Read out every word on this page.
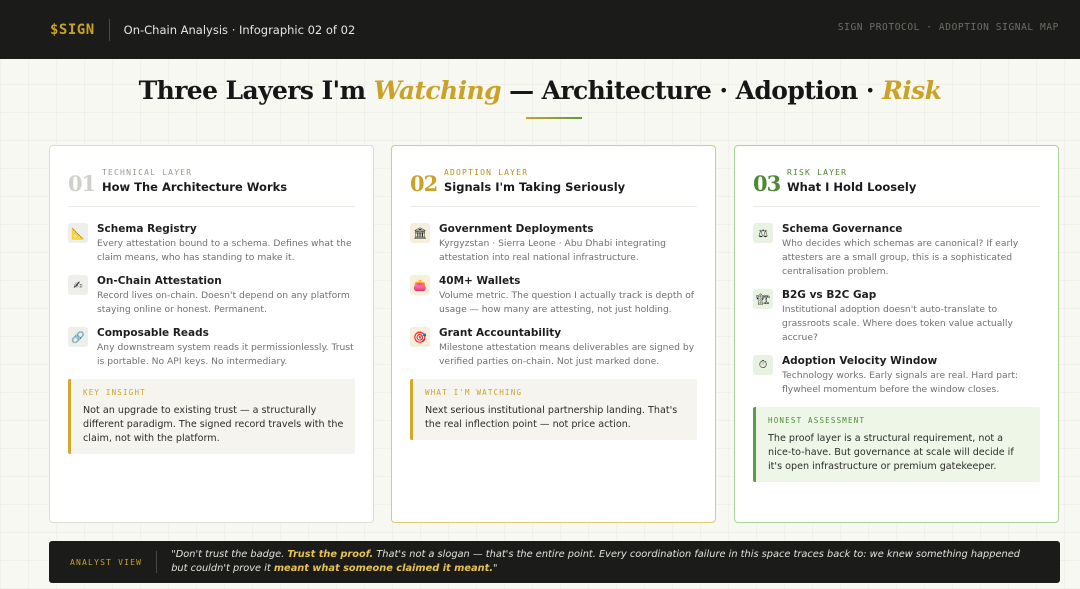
$SIGN	On-Chain Analysis · Infographic 02 of 02	SIGN PROTOCOL · ADOPTION SIGNAL MAP
Three Layers I'm Watching — Architecture · Adoption · Risk
01 TECHNICAL LAYER
How The Architecture Works
📐	Schema Registry
Every attestation bound to a schema. Defines what the claim means, who has standing to make it.
✍	On-Chain Attestation
Record lives on-chain. Doesn't depend on any platform staying online or honest. Permanent.
🔗	Composable Reads
Any downstream system reads it permissionlessly. Trust is portable. No API keys. No intermediary.
KEY INSIGHT
Not an upgrade to existing trust — a structurally different paradigm. The signed record travels with the claim, not with the platform.
02 ADOPTION LAYER
Signals I'm Taking Seriously
🏛 Government Deployments
Kyrgyzstan · Sierra Leone · Abu Dhabi integrating attestation into real national infrastructure.
👛	40M+ Wallets
Volume metric. The question I actually track is depth of usage — how many are attesting, not just holding.
🎯	Grant Accountability
Milestone attestation means deliverables are signed by verified parties on-chain. Not just marked done.
WHAT I'M WATCHING
Next serious institutional partnership landing. That's the real inflection point — not price action.
03 RISK LAYER
What I Hold Loosely
⚖	Schema Governance
Who decides which schemas are canonical? If early attesters are a small group, this is a sophisticated centralisation problem.
🏗 B2G vs B2C Gap
Institutional adoption doesn't auto-translate to grassroots scale. Where does token value actually accrue?
⏱	Adoption Velocity Window
Technology works. Early signals are real. Hard part: flywheel momentum before the window closes.
HONEST ASSESSMENT
The proof layer is a structural requirement, not a nice-to-have. But governance at scale will decide if it's open infrastructure or premium gatekeeper.
ANALYST VIEW

"Don't trust the badge. Trust the proof. That's not a slogan — that's the entire point. Every coordination failure in this space traces back to: we knew something happened but couldn't prove it meant what someone claimed it meant."
